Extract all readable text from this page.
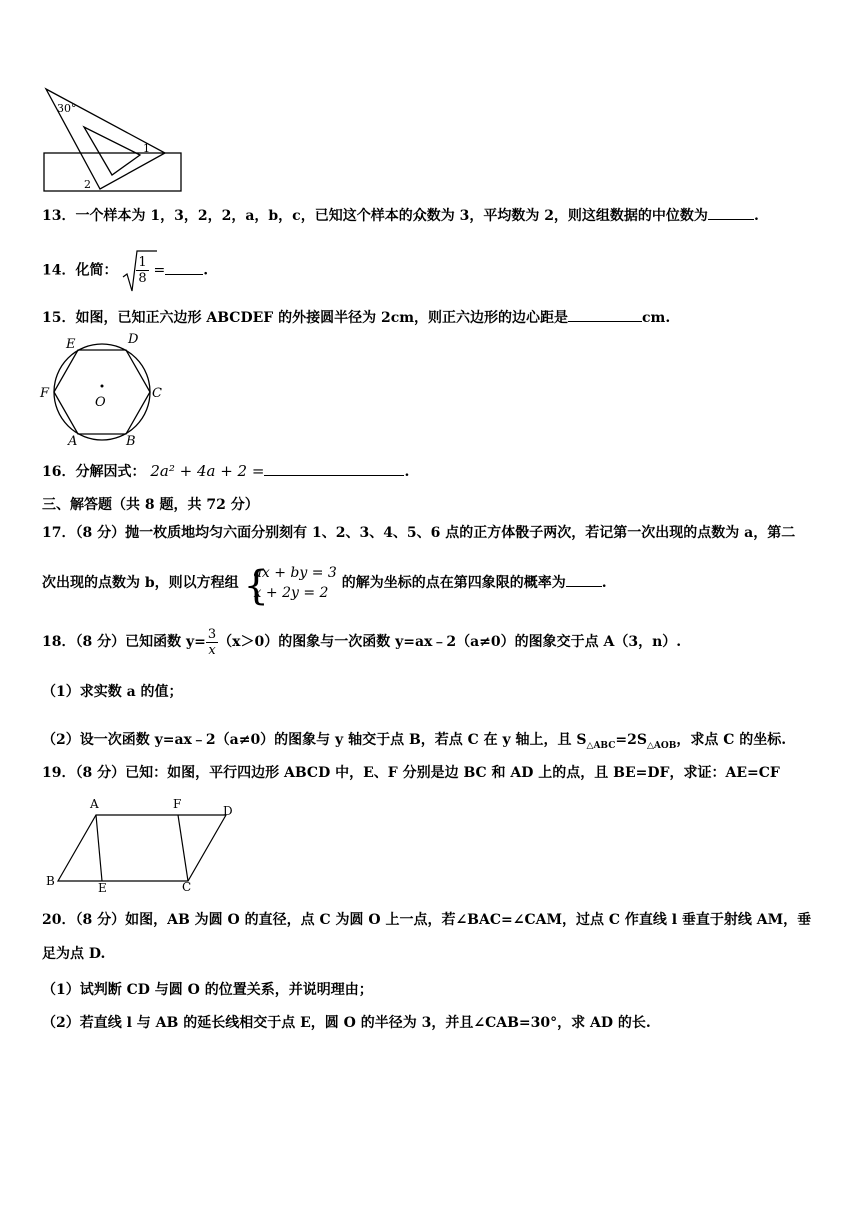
30°
1
2
13．一个样本为 1，3，2，2，a，b，c，已知这个样本的众数为 3，平均数为 2，则这组数据的中位数为	.
14．化简： $\frac{1}{8}$ =	.
15．如图，已知正六边形 ABCDEF 的外接圆半径为 2cm，则正六边形的边心距是	cm.
E	D
F	C
O
A	B
16．分解因式： 2a² + 4a + 2 =	.
三、解答题（共 8 题，共 72 分）
17．（8 分）抛一枚质地均匀六面分别刻有 1、2、3、4、5、6 点的正方体骰子两次，若记第一次出现的点数为 a，第二
次出现的点数为 b，则以方程组 {
ax + by = 3
x + 2y = 2
的解为坐标的点在第四象限的概率为	.
18．（8 分）已知函数 $y= \frac{3}{x} (x>0)$的图象与一次函数 y=ax﹣2（a≠0）的图象交于点 A（3，n）.
（1）求实数 a 的值；
（2）设一次函数 y=ax﹣2（a≠0）的图象与 y 轴交于点 B，若点 C 在 y 轴上，且 $S_{\triangle ABC}=2S_{\triangle AOB}$，求点 C 的坐标.
19．（8 分）已知：如图，平行四边形 ABCD 中，E、F 分别是边 BC 和 AD 上的点，且 BE=DF，求证：AE=CF
A	F	D
B	E	C
20．（8 分）如图，AB 为圆 O 的直径，点 C 为圆 O 上一点，若∠BAC=∠CAM，过点 C 作直线 l 垂直于射线 AM，垂
足为点 D.
（1）试判断 CD 与圆 O 的位置关系，并说明理由；
（2）若直线 l 与 AB 的延长线相交于点 E，圆 O 的半径为 3，并且∠CAB=30°，求 AD 的长.
